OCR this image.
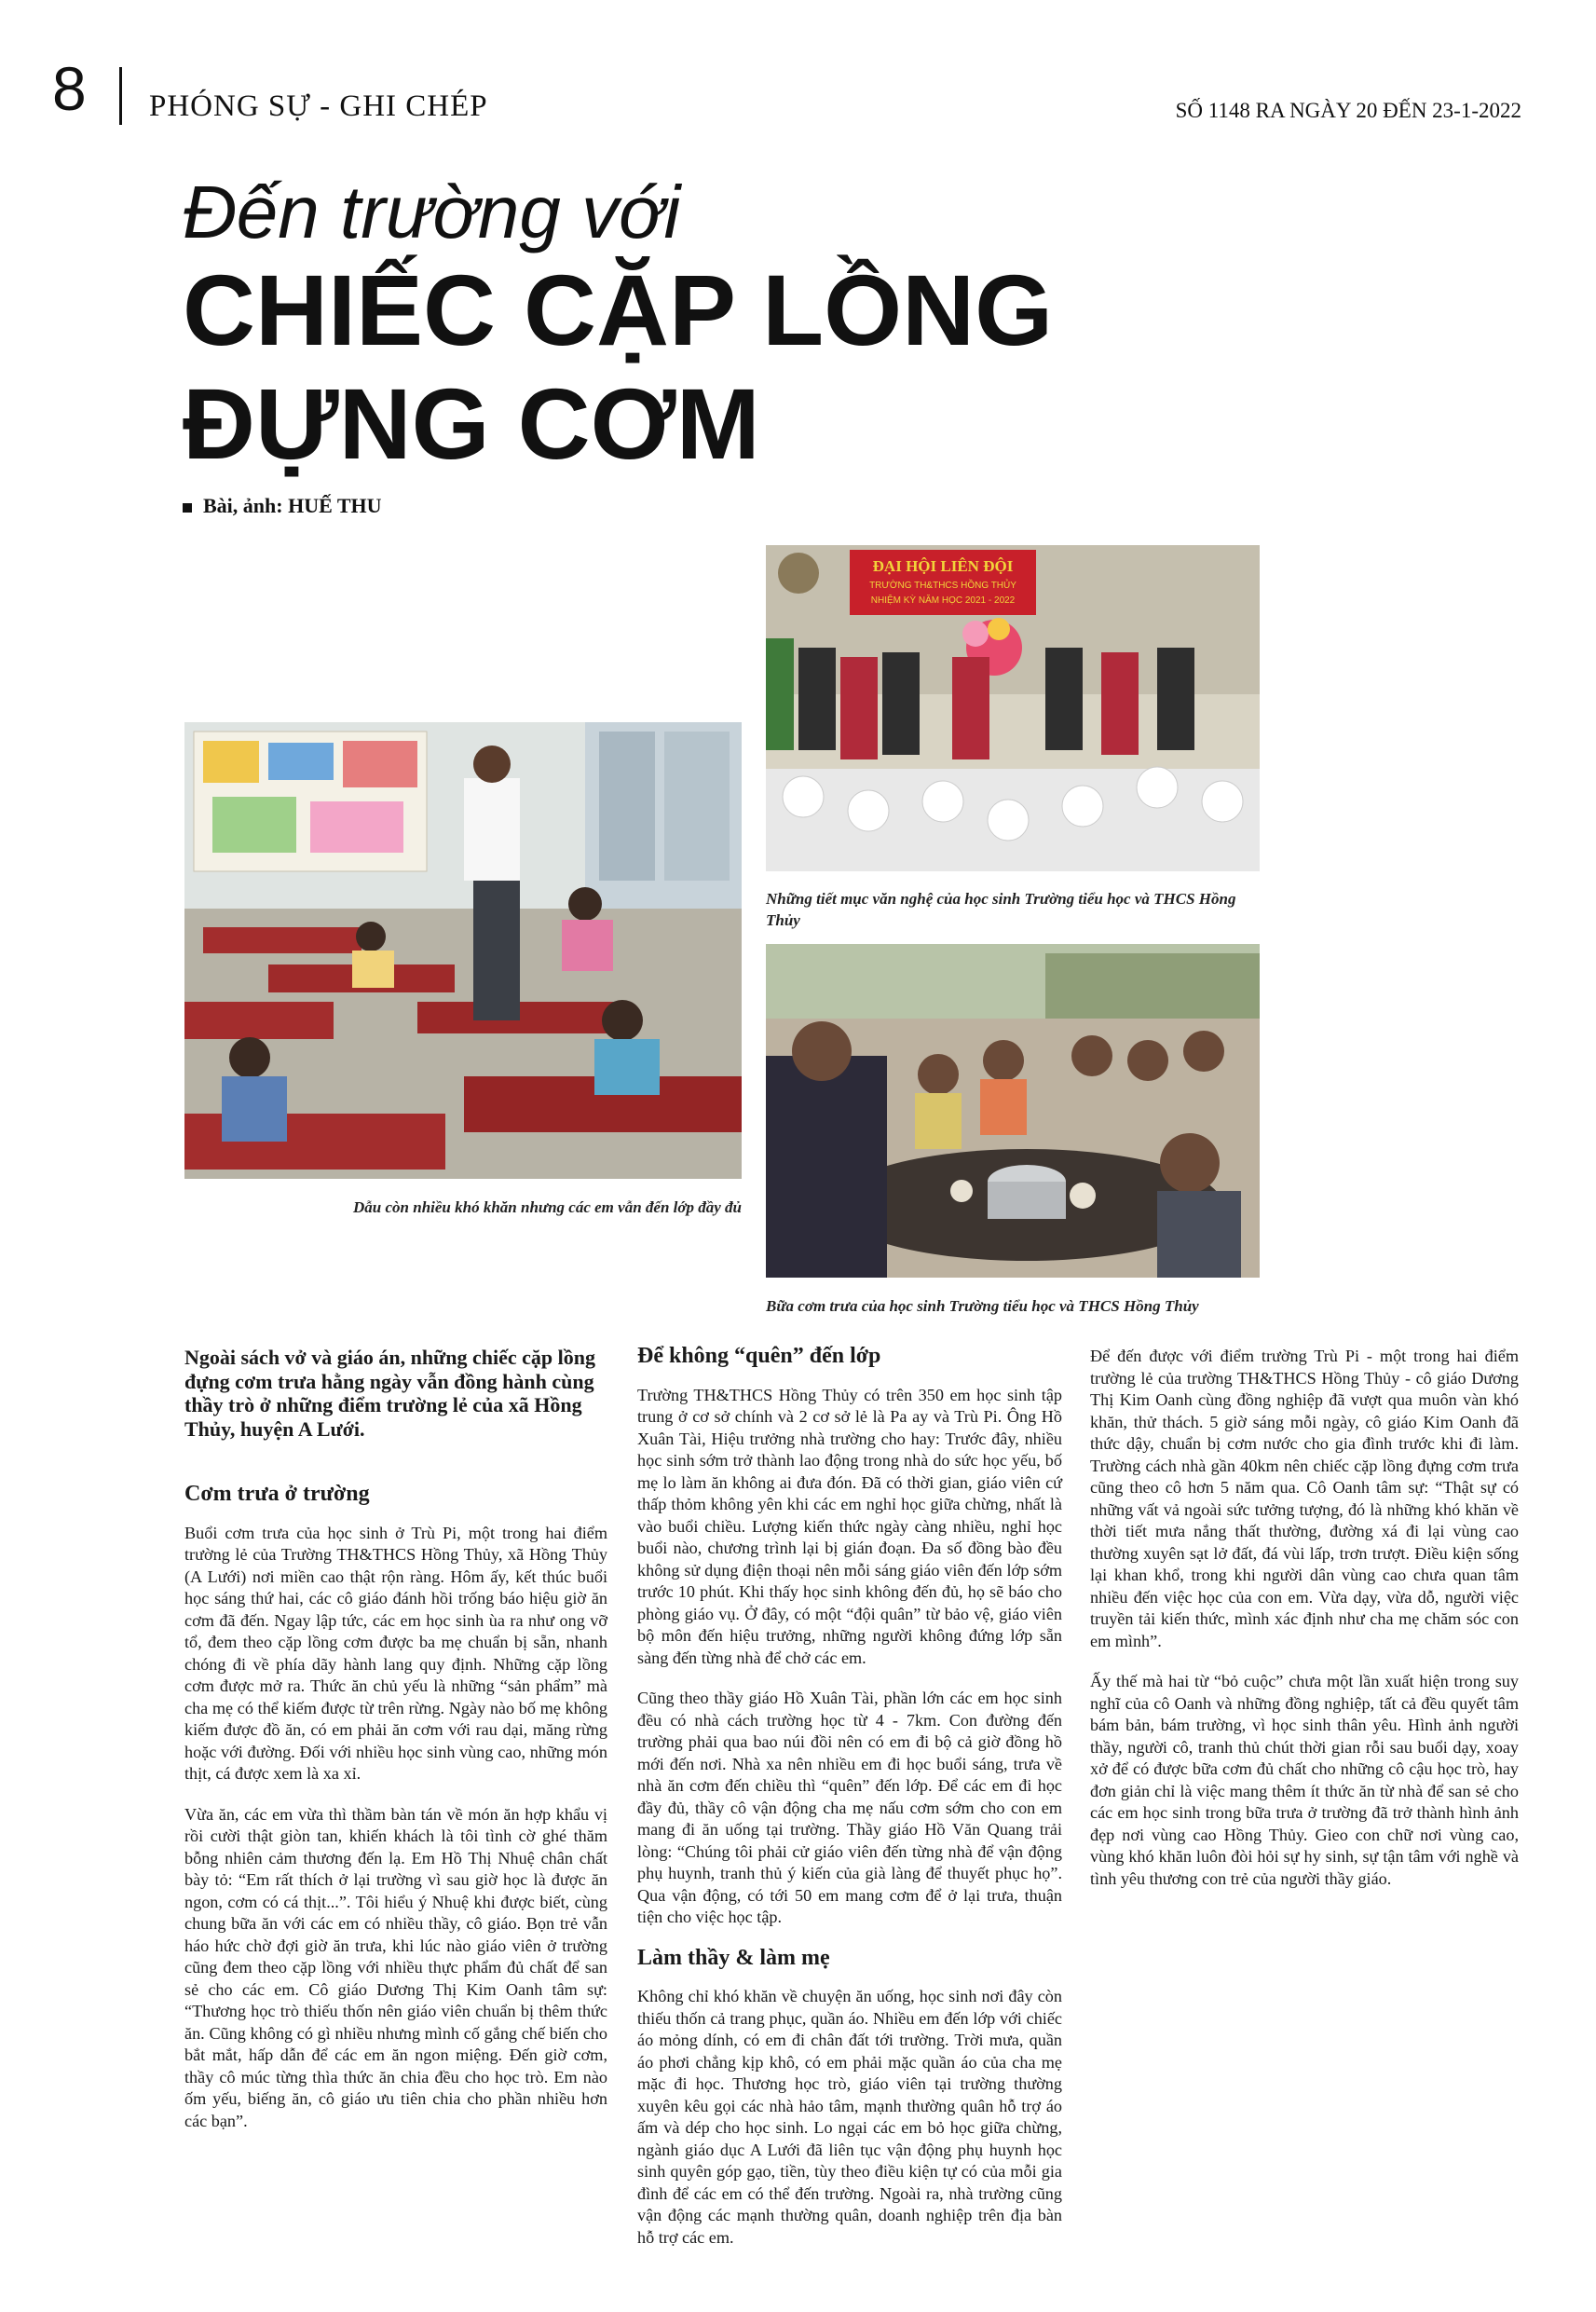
8 PHÓNG SỰ - GHI CHÉP	SỐ 1148 RA NGÀY 20 ĐẾN 23-1-2022
Đến trường với
CHIẾC CẶP LỒNG
ĐỰNG CƠM
Bài, ảnh: HUẾ THU
Dẫu còn nhiều khó khăn nhưng các em vẫn đến lớp đầy đủ
ĐẠI HỘI LIÊN ĐỘI
TRƯỜNG TH&THCS HỒNG THỦY
NHIỆM KỲ NĂM HỌC 2021 - 2022
Những tiết mục văn nghệ của học sinh Trường tiểu học và THCS Hồng Thủy
Bữa cơm trưa của học sinh Trường tiểu học và THCS Hồng Thủy

Ngoài sách vở và giáo án, những chiếc cặp lồng đựng cơm trưa hằng ngày vẫn đồng hành cùng thầy trò ở những điểm trường lẻ của xã Hồng Thủy, huyện A Lưới.

Cơm trưa ở trường

Buổi cơm trưa của học sinh ở Trù Pi, một trong hai điểm trường lẻ của Trường TH&THCS Hồng Thủy, xã Hồng Thủy (A Lưới) nơi miền cao thật rộn ràng. Hôm ấy, kết thúc buổi học sáng thứ hai, các cô giáo đánh hồi trống báo hiệu giờ ăn cơm đã đến. Ngay lập tức, các em học sinh ùa ra như ong vỡ tổ, đem theo cặp lồng cơm được ba mẹ chuẩn bị sẵn, nhanh chóng đi về phía dãy hành lang quy định. Những cặp lồng cơm được mở ra. Thức ăn chủ yếu là những “sản phẩm” mà cha mẹ có thể kiếm được từ trên rừng. Ngày nào bố mẹ không kiếm được đồ ăn, có em phải ăn cơm với rau dại, măng rừng hoặc với đường. Đối với nhiều học sinh vùng cao, những món thịt, cá được xem là xa xỉ.

Vừa ăn, các em vừa thì thầm bàn tán về món ăn hợp khẩu vị rồi cười thật giòn tan, khiến khách là tôi tình cờ ghé thăm bỗng nhiên cảm thương đến lạ. Em Hồ Thị Nhuệ chân chất bày tỏ: “Em rất thích ở lại trường vì sau giờ học là được ăn ngon, cơm có cá thịt...”. Tôi hiểu ý Nhuệ khi được biết, cùng chung bữa ăn với các em có nhiều thầy, cô giáo. Bọn trẻ vẫn háo hức chờ đợi giờ ăn trưa, khi lúc nào giáo viên ở trường cũng đem theo cặp lồng với nhiều thực phẩm đủ chất để san sẻ cho các em. Cô giáo Dương Thị Kim Oanh tâm sự: “Thương học trò thiếu thốn nên giáo viên chuẩn bị thêm thức ăn. Cũng không có gì nhiều nhưng mình cố gắng chế biến cho bắt mắt, hấp dẫn để các em ăn ngon miệng. Đến giờ cơm, thầy cô múc từng thìa thức ăn chia đều cho học trò. Em nào ốm yếu, biếng ăn, cô giáo ưu tiên chia cho phần nhiều hơn các bạn”.

Để không “quên” đến lớp

Trường TH&THCS Hồng Thủy có trên 350 em học sinh tập trung ở cơ sở chính và 2 cơ sở lẻ là Pa ay và Trù Pi. Ông Hồ Xuân Tài, Hiệu trưởng nhà trường cho hay: Trước đây, nhiều học sinh sớm trở thành lao động trong nhà do sức học yếu, bố mẹ lo làm ăn không ai đưa đón. Đã có thời gian, giáo viên cứ thấp thỏm không yên khi các em nghỉ học giữa chừng, nhất là vào buổi chiều. Lượng kiến thức ngày càng nhiều, nghỉ học buổi nào, chương trình lại bị gián đoạn. Đa số đồng bào đều không sử dụng điện thoại nên mỗi sáng giáo viên đến lớp sớm trước 10 phút. Khi thấy học sinh không đến đủ, họ sẽ báo cho phòng giáo vụ. Ở đây, có một “đội quân” từ bảo vệ, giáo viên bộ môn đến hiệu trưởng, những người không đứng lớp sẵn sàng đến từng nhà để chở các em.

Cũng theo thầy giáo Hồ Xuân Tài, phần lớn các em học sinh đều có nhà cách trường học từ 4 - 7km. Con đường đến trường phải qua bao núi đồi nên có em đi bộ cả giờ đồng hồ mới đến nơi. Nhà xa nên nhiều em đi học buổi sáng, trưa về nhà ăn cơm đến chiều thì “quên” đến lớp. Để các em đi học đầy đủ, thầy cô vận động cha mẹ nấu cơm sớm cho con em mang đi ăn uống tại trường. Thầy giáo Hồ Văn Quang trải lòng: “Chúng tôi phải cử giáo viên đến từng nhà để vận động phụ huynh, tranh thủ ý kiến của già làng để thuyết phục họ”. Qua vận động, có tới 50 em mang cơm để ở lại trưa, thuận tiện cho việc học tập.

Làm thầy & làm mẹ

Không chỉ khó khăn về chuyện ăn uống, học sinh nơi đây còn thiếu thốn cả trang phục, quần áo. Nhiều em đến lớp với chiếc áo mỏng dính, có em đi chân đất tới trường. Trời mưa, quần áo phơi chẳng kịp khô, có em phải mặc quần áo của cha mẹ mặc đi học. Thương học trò, giáo viên tại trường thường xuyên kêu gọi các nhà hảo tâm, mạnh thường quân hỗ trợ áo ấm và dép cho học sinh. Lo ngại các em bỏ học giữa chừng, ngành giáo dục A Lưới đã liên tục vận động phụ huynh học sinh quyên góp gạo, tiền, tùy theo điều kiện tự có của mỗi gia đình để các em có thể đến trường. Ngoài ra, nhà trường cũng vận động các mạnh thường quân, doanh nghiệp trên địa bàn hỗ trợ các em.

Để đến được với điểm trường Trù Pi - một trong hai điểm trường lẻ của trường TH&THCS Hồng Thủy - cô giáo Dương Thị Kim Oanh cùng đồng nghiệp đã vượt qua muôn vàn khó khăn, thử thách. 5 giờ sáng mỗi ngày, cô giáo Kim Oanh đã thức dậy, chuẩn bị cơm nước cho gia đình trước khi đi làm. Trường cách nhà gần 40km nên chiếc cặp lồng đựng cơm trưa cũng theo cô hơn 5 năm qua. Cô Oanh tâm sự: “Thật sự có những vất vả ngoài sức tưởng tượng, đó là những khó khăn về thời tiết mưa nắng thất thường, đường xá đi lại vùng cao thường xuyên sạt lở đất, đá vùi lấp, trơn trượt. Điều kiện sống lại khan khổ, trong khi người dân vùng cao chưa quan tâm nhiều đến việc học của con em. Vừa dạy, vừa dỗ, người việc truyền tải kiến thức, mình xác định như cha mẹ chăm sóc con em mình”.

Ấy thế mà hai từ “bỏ cuộc” chưa một lần xuất hiện trong suy nghĩ của cô Oanh và những đồng nghiệp, tất cả đều quyết tâm bám bản, bám trường, vì học sinh thân yêu. Hình ảnh người thầy, người cô, tranh thủ chút thời gian rỗi sau buổi dạy, xoay xở để có được bữa cơm đủ chất cho những cô cậu học trò, hay đơn giản chỉ là việc mang thêm ít thức ăn từ nhà để san sẻ cho các em học sinh trong bữa trưa ở trường đã trở thành hình ảnh đẹp nơi vùng cao Hồng Thủy. Gieo con chữ nơi vùng cao, vùng khó khăn luôn đòi hỏi sự hy sinh, sự tận tâm với nghề và tình yêu thương con trẻ của người thầy giáo.
